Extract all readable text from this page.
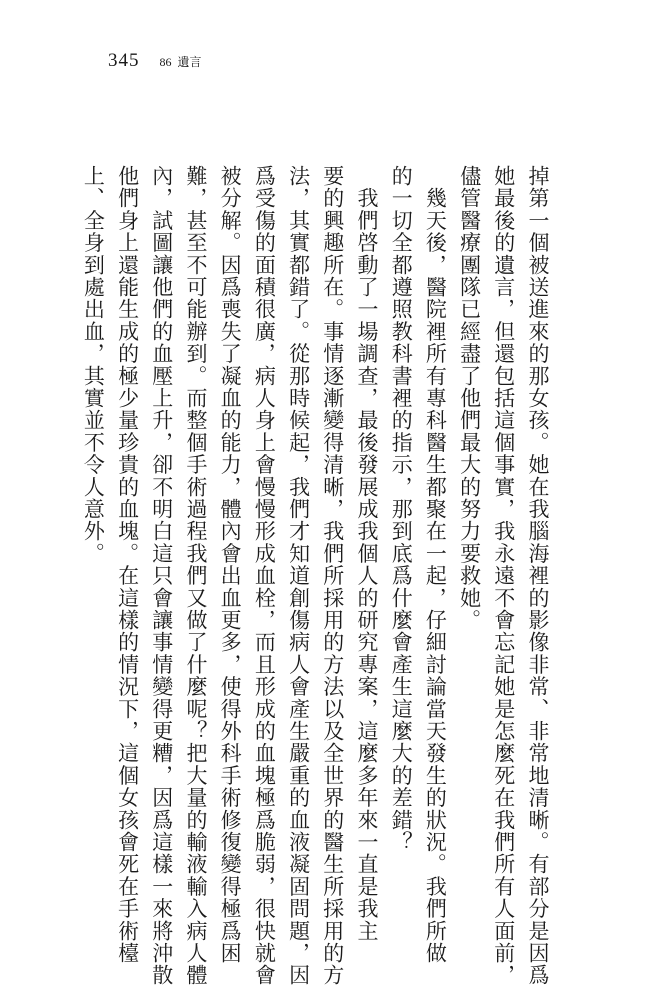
345 86 遺言
掉第一個被送進來的那女孩。她在我腦海裡的影像非常、非常地清晰。有部分是因爲
她最後的遺言，但還包括這個事實，我永遠不會忘記她是怎麼死在我們所有人面前，
儘管醫療團隊已經盡了他們最大的努力要救她。
　幾天後，醫院裡所有專科醫生都聚在一起，仔細討論當天發生的狀況。我們所做
的一切全都遵照教科書裡的指示，那到底爲什麼會產生這麼大的差錯？
　我們啓動了一場調查，最後發展成我個人的研究專案，這麼多年來一直是我主
要的興趣所在。事情逐漸變得清晰，我們所採用的方法以及全世界的醫生所採用的方
法，其實都錯了。從那時候起，我們才知道創傷病人會產生嚴重的血液凝固問題，因
爲受傷的面積很廣，病人身上會慢慢形成血栓，而且形成的血塊極爲脆弱，很快就會
被分解。因爲喪失了凝血的能力，體內會出血更多，使得外科手術修復變得極爲困
難，甚至不可能辦到。而整個手術過程我們又做了什麼呢？把大量的輸液輸入病人體
內，試圖讓他們的血壓上升，卻不明白這只會讓事情變得更糟，因爲這樣一來將沖散
他們身上還能生成的極少量珍貴的血塊。在這樣的情況下，這個女孩會死在手術檯
上、全身到處出血，其實並不令人意外。
